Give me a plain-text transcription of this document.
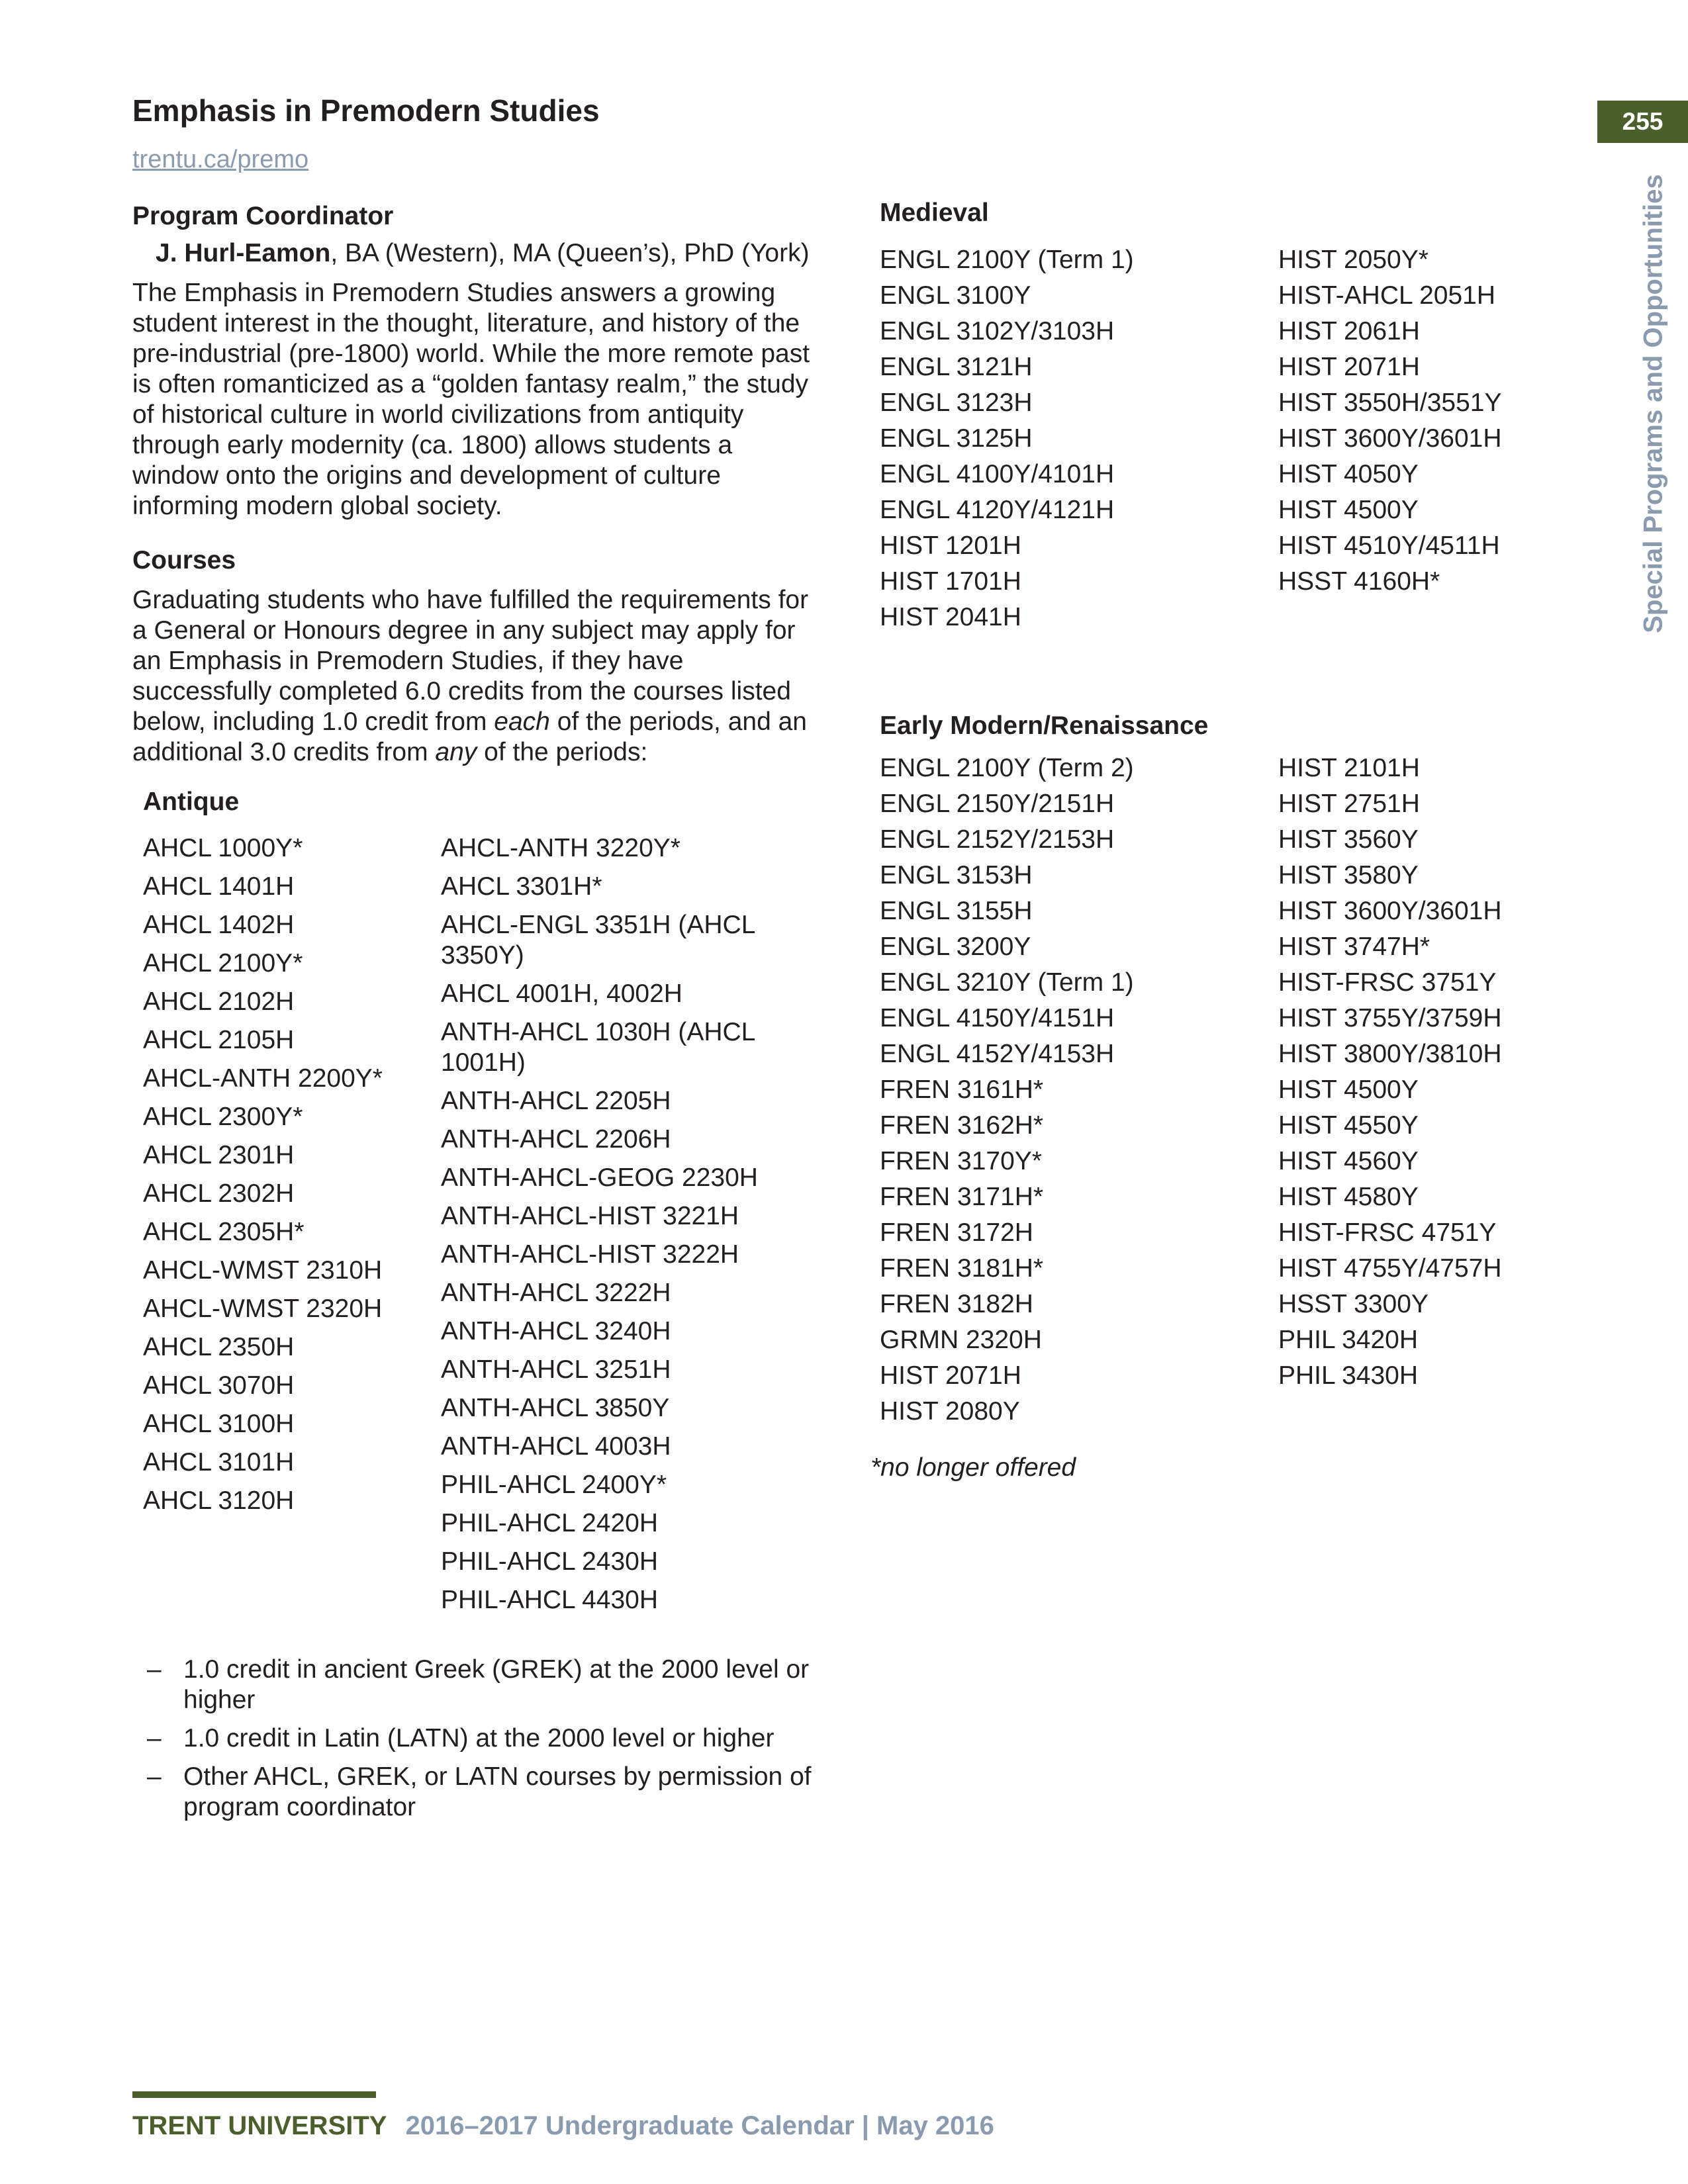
Emphasis in Premodern Studies
trentu.ca/premo
Program Coordinator
J. Hurl-Eamon, BA (Western), MA (Queen’s), PhD (York)
The Emphasis in Premodern Studies answers a growing student interest in the thought, literature, and history of the pre-industrial (pre-1800) world. While the more remote past is often romanticized as a “golden fantasy realm,” the study of historical culture in world civilizations from antiquity through early modernity (ca. 1800) allows students a window onto the origins and development of culture informing modern global society.
Courses
Graduating students who have fulfilled the requirements for a General or Honours degree in any subject may apply for an Emphasis in Premodern Studies, if they have successfully completed 6.0 credits from the courses listed below, including 1.0 credit from each of the periods, and an additional 3.0 credits from any of the periods:
Antique
AHCL 1000Y*
AHCL 1401H
AHCL 1402H
AHCL 2100Y*
AHCL 2102H
AHCL 2105H
AHCL-ANTH 2200Y*
AHCL 2300Y*
AHCL 2301H
AHCL 2302H
AHCL 2305H*
AHCL-WMST 2310H
AHCL-WMST 2320H
AHCL 2350H
AHCL 3070H
AHCL 3100H
AHCL 3101H
AHCL 3120H
AHCL-ANTH 3220Y*
AHCL 3301H*
AHCL-ENGL 3351H (AHCL 3350Y)
AHCL 4001H, 4002H
ANTH-AHCL 1030H (AHCL 1001H)
ANTH-AHCL 2205H
ANTH-AHCL 2206H
ANTH-AHCL-GEOG 2230H
ANTH-AHCL-HIST 3221H
ANTH-AHCL-HIST 3222H
ANTH-AHCL 3222H
ANTH-AHCL 3240H
ANTH-AHCL 3251H
ANTH-AHCL 3850Y
ANTH-AHCL 4003H
PHIL-AHCL 2400Y*
PHIL-AHCL 2420H
PHIL-AHCL 2430H
PHIL-AHCL 4430H
– 1.0 credit in ancient Greek (GREK) at the 2000 level or higher
– 1.0 credit in Latin (LATN) at the 2000 level or higher
– Other AHCL, GREK, or LATN courses by permission of program coordinator
Medieval
ENGL 2100Y (Term 1)
ENGL 3100Y
ENGL 3102Y/3103H
ENGL 3121H
ENGL 3123H
ENGL 3125H
ENGL 4100Y/4101H
ENGL 4120Y/4121H
HIST 1201H
HIST 1701H
HIST 2041H
HIST 2050Y*
HIST-AHCL 2051H
HIST 2061H
HIST 2071H
HIST 3550H/3551Y
HIST 3600Y/3601H
HIST 4050Y
HIST 4500Y
HIST 4510Y/4511H
HSST 4160H*
Early Modern/Renaissance
ENGL 2100Y (Term 2)
ENGL 2150Y/2151H
ENGL 2152Y/2153H
ENGL 3153H
ENGL 3155H
ENGL 3200Y
ENGL 3210Y (Term 1)
ENGL 4150Y/4151H
ENGL 4152Y/4153H
FREN 3161H*
FREN 3162H*
FREN 3170Y*
FREN 3171H*
FREN 3172H
FREN 3181H*
FREN 3182H
GRMN 2320H
HIST 2071H
HIST 2080Y
HIST 2101H
HIST 2751H
HIST 3560Y
HIST 3580Y
HIST 3600Y/3601H
HIST 3747H*
HIST-FRSC 3751Y
HIST 3755Y/3759H
HIST 3800Y/3810H
HIST 4500Y
HIST 4550Y
HIST 4560Y
HIST 4580Y
HIST-FRSC 4751Y
HIST 4755Y/4757H
HSST 3300Y
PHIL 3420H
PHIL 3430H
*no longer offered
255
Special Programs and Opportunities
TRENT UNIVERSITY 2016–2017 Undergraduate Calendar | May 2016
